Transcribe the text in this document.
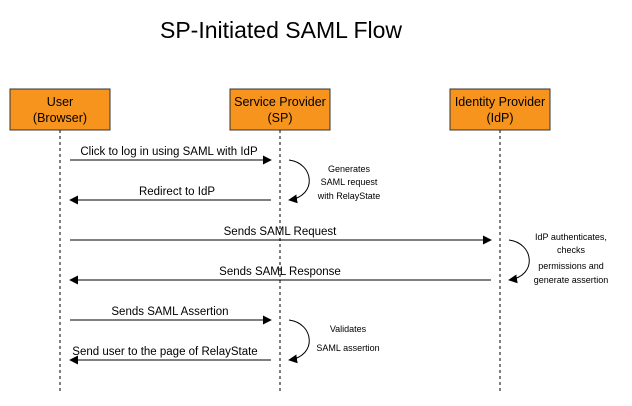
SP-Initiated SAML Flow
User
(Browser)
Service Provider
(SP)
Identity Provider
(IdP)
Click to log in using SAML with IdP
Generates
SAML request
with RelayState
Redirect to IdP
Sends SAML Request	IdP authenticates,
checks
permissions and
generate assertion
Sends SAML Response
Sends SAML Assertion
Validates
SAML assertion
Send user to the page of RelayState
